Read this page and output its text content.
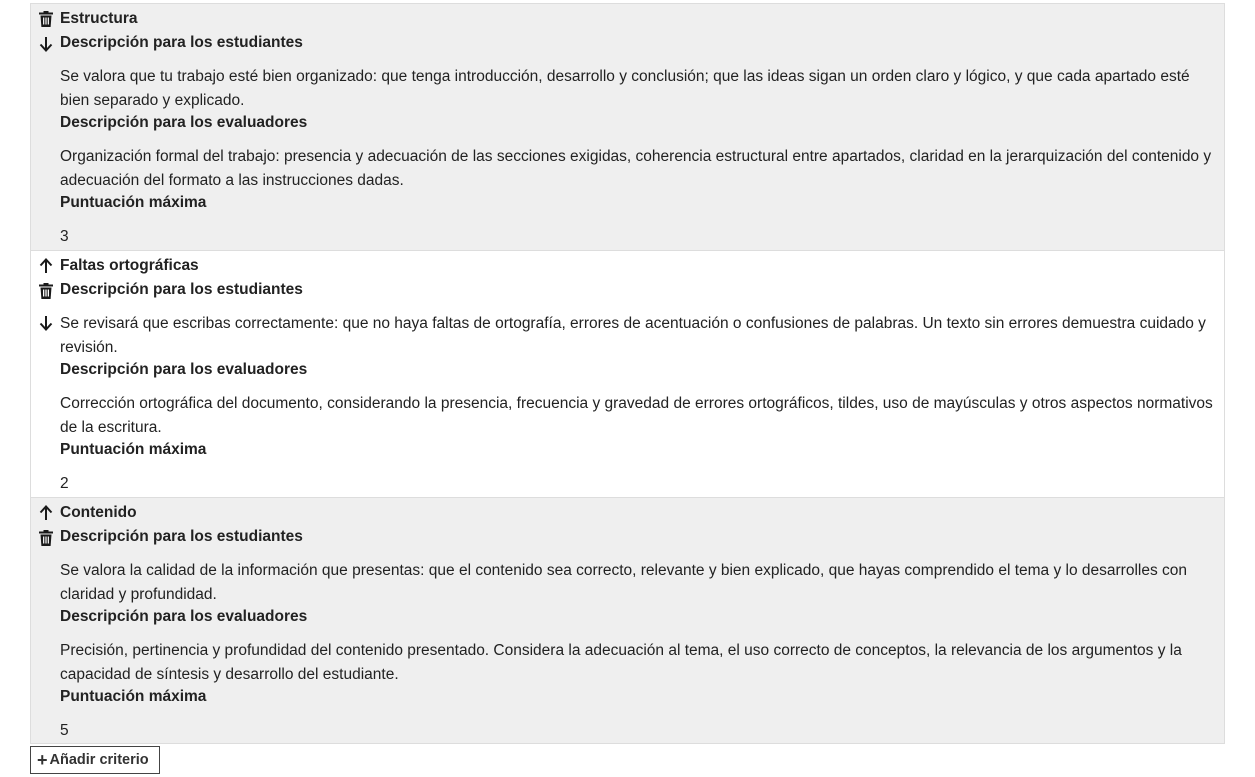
Estructura
Descripción para los estudiantes
Se valora que tu trabajo esté bien organizado: que tenga introducción, desarrollo y conclusión; que las ideas sigan un orden claro y lógico, y que cada apartado esté bien separado y explicado.
Descripción para los evaluadores
Organización formal del trabajo: presencia y adecuación de las secciones exigidas, coherencia estructural entre apartados, claridad en la jerarquización del contenido y adecuación del formato a las instrucciones dadas.
Puntuación máxima
3
Faltas ortográficas
Descripción para los estudiantes
Se revisará que escribas correctamente: que no haya faltas de ortografía, errores de acentuación o confusiones de palabras. Un texto sin errores demuestra cuidado y revisión.
Descripción para los evaluadores
Corrección ortográfica del documento, considerando la presencia, frecuencia y gravedad de errores ortográficos, tildes, uso de mayúsculas y otros aspectos normativos de la escritura.
Puntuación máxima
2
Contenido
Descripción para los estudiantes
Se valora la calidad de la información que presentas: que el contenido sea correcto, relevante y bien explicado, que hayas comprendido el tema y lo desarrolles con claridad y profundidad.
Descripción para los evaluadores
Precisión, pertinencia y profundidad del contenido presentado. Considera la adecuación al tema, el uso correcto de conceptos, la relevancia de los argumentos y la capacidad de síntesis y desarrollo del estudiante.
Puntuación máxima
5
+ Añadir criterio
